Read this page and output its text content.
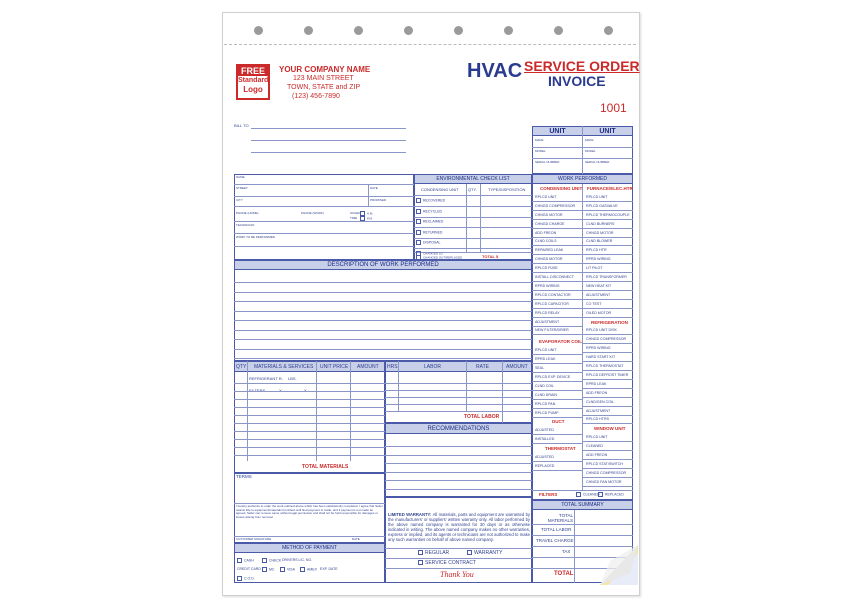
FREE
Standard
Logo
YOUR COMPANY NAME
123 MAIN STREET
TOWN, STATE and ZIP
(123) 456-7890
HVAC SERVICE ORDER
INVOICE
1001
BILL TO
UNIT	UNIT
MAKE	MAKE
MODEL	MODEL
SERIAL NUMBER	SERIAL NUMBER
NAME
STREET	DATE
CITY	PROMISED
PHONE (HOME)	PHONE (WORK)	SCHED.
TIME
A.M.
P.M.
TECHNICIAN
WORK TO BE PERFORMED
ENVIRONMENTAL CHECK LIST
CONDENSING UNIT QTY.	TYPE/DISPOSITION
RECOVERED
RECYCLED
RECLAIMED
RETURNED
DISPOSAL
CHANGED LO
CHANGED OUT/REPLACED	TOTAL $
DESCRIPTION OF WORK PERFORMED
QTY MATERIALS & SERVICES UNIT PRICE AMOUNT
REFRIGERANT R- LBS.
FILTERS	X	X
TOTAL MATERIALS
HRS	LABOR	RATE	AMOUNT
TOTAL LABOR
RECOMMENDATIONS
TERMS
I hereby authorize to order the work outlined above which has been satisfactorily completed. I agree that Seller retains title to equipment/materials furnished until final payment is made, and if payment is not made as agreed, Seller can remove same without legal permission and shall not be held responsible for damages or losses arising from removal.
CUSTOMER SIGNATURE	DATE
METHOD OF PAYMENT
CASH	CHECK DRIVERS LIC. NO.
CREDIT CARD	MC	VISA	AMEX EXP. DATE
C.O.D.
LIMITED WARRANTY: All materials, parts and equipment are warranted by the manufacturers' or suppliers' written warranty only. All labor performed by the above named company is warranted for 30 days or as otherwise indicated in writing. The above named company makes no other warranties, express or implied, and its agents or technicians are not authorized to make any such warranties on behalf of above named company.
REGULAR	WARRANTY
SERVICE CONTRACT
Thank You
WORK PERFORMED
CONDENSING UNIT
RPLCD UNIT
CHNGD COMPRESSOR
CHNGD MOTOR
CHNGD CHARGE
ADD FREON
CLND COILS
REPAIRED LEAK
CHNGD MOTOR
RPLCD FUSE
INSTALL DISCONNECT
RPRD WIRING
RPLCD CONTACTOR
RPLCD CAPACITOR
RPLCD RELAY
ADJUSTMENT
NEW FILTER/DRIER
EVAPORATOR COIL
RPLCD UNIT
RPRD LEAK
SEAL
RPLCD EXP. DEVICE
CLND COIL
CLND DRAIN
RPLCD PAN
RPLCD PUMP
DUCT
ADJUSTED
INSTALLED
THERMOSTAT
ADJUSTED
REPLACED
FURNACE/ELEC.HTR
RPLCD UNIT
RPLCD GASVALVE
RPLCD THERMOCOUPLE
CLND BURNERS
CHNGD MOTOR
CLND BLOWER
RPLCD HTR
RPRD WIRING
LIT PILOT
RPLCD TRANSFORMER
NEW HEAT KIT
ADJUSTMENT
CO TEST
OILED MOTOR
REFRIGERATION
RPLCD UNIT DISK
CHNGD COMPRESSOR
RPRD WIRING
HARD START KIT
RPLCD THERMOSTAT
RPLCD DEFROST TIMER
RPRD LEAK
ADD FREON
CLND/GEN COIL
ADJUSTMENT
RPLCD HTRS
WINDOW UNIT
RPLCD UNIT
CLEANED
ADD FREON
RPLCD STAT/SWITCH
CHNGD COMPRESSOR
CHNGD FAN MOTOR
FILTERS	CLEANED	REPLACED
TOTAL SUMMARY
TOTAL MATERIALS
TOTAL LABOR
TRAVEL CHARGE
TAX
TOTAL
